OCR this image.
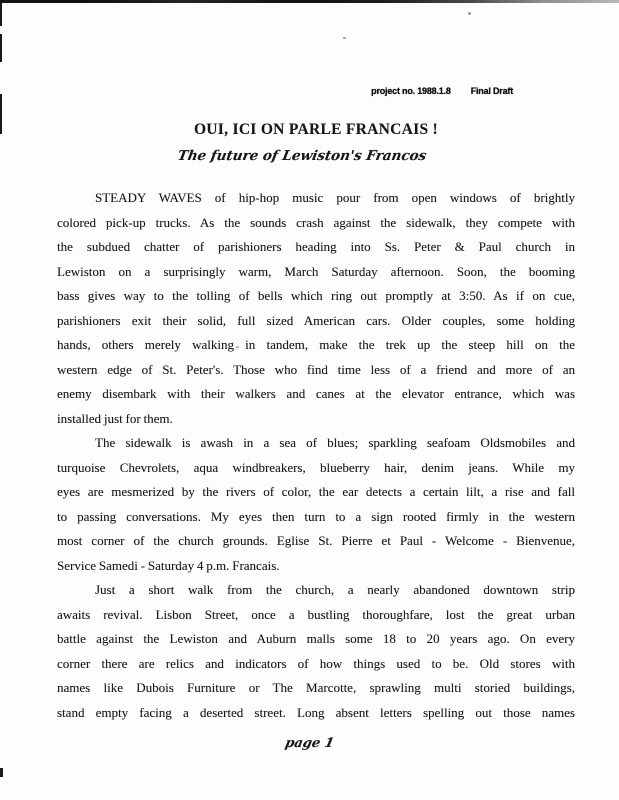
project no. 1988.1.8 Final Draft
OUI, ICI ON PARLE FRANCAIS !
The future of Lewiston's Francos
STEADY WAVES of hip-hop music pour from open windows of brightly
colored pick-up trucks. As the sounds crash against the sidewalk, they compete with
the subdued chatter of parishioners heading into Ss. Peter & Paul church in
Lewiston on a surprisingly warm, March Saturday afternoon. Soon, the booming
bass gives way to the tolling of bells which ring out promptly at 3:50. As if on cue,
parishioners exit their solid, full sized American cars. Older couples, some holding
hands, others merely walking in tandem, make the trek up the steep hill on the
western edge of St. Peter's. Those who find time less of a friend and more of an
enemy disembark with their walkers and canes at the elevator entrance, which was
installed just for them.
The sidewalk is awash in a sea of blues; sparkling seafoam Oldsmobiles and
turquoise Chevrolets, aqua windbreakers, blueberry hair, denim jeans. While my
eyes are mesmerized by the rivers of color, the ear detects a certain lilt, a rise and fall
to passing conversations. My eyes then turn to a sign rooted firmly in the western
most corner of the church grounds. Eglise St. Pierre et Paul - Welcome - Bienvenue,
Service Samedi - Saturday 4 p.m. Francais.
Just a short walk from the church, a nearly abandoned downtown strip
awaits revival. Lisbon Street, once a bustling thoroughfare, lost the great urban
battle against the Lewiston and Auburn malls some 18 to 20 years ago. On every
corner there are relics and indicators of how things used to be. Old stores with
names like Dubois Furniture or The Marcotte, sprawling multi storied buildings,
stand empty facing a deserted street. Long absent letters spelling out those names
page 1
